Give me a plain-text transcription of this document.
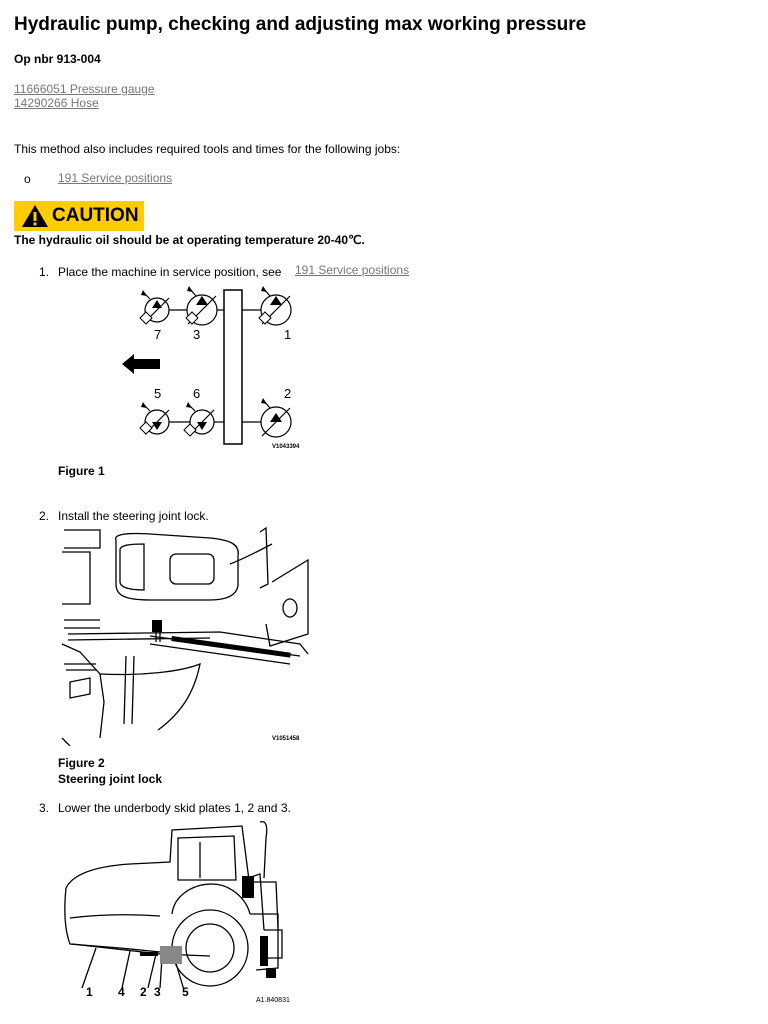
Hydraulic pump, checking and adjusting max working pressure
Op nbr 913-004
11666051 Pressure gauge
14290266 Hose
This method also includes required tools and times for the following jobs:
o 191 Service positions
CAUTION
The hydraulic oil should be at operating temperature 20-40℃.
1. Place the machine in service position, see 191 Service positions
7 3	1
5 6	2
V1043394
Figure 1
2. Install the steering joint lock.
V1051458
Figure 2
Steering joint lock
3. Lower the underbody skid plates 1, 2 and 3.
1 4 2 3 5
A1.840831
